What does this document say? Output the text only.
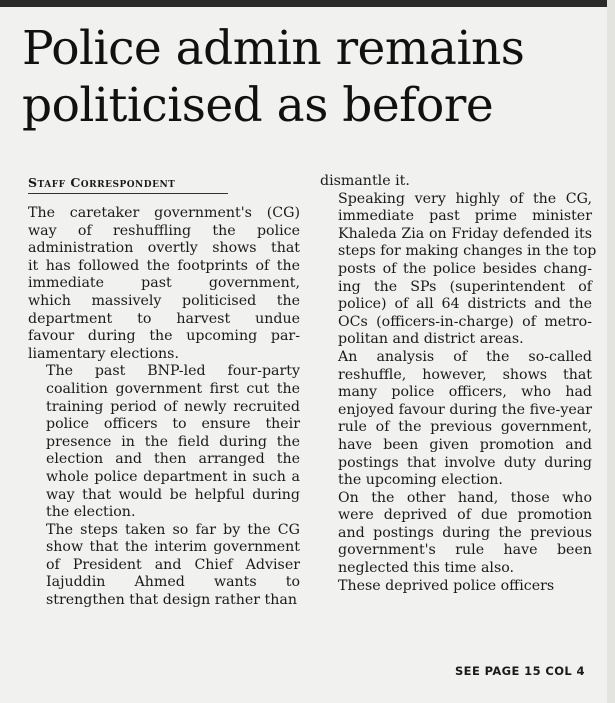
Police admin remains
politicised as before
Staff Correspondent

The caretaker government's (CG)
way of reshuffling the police
administration overtly shows that
it has followed the footprints of the
immediate past government,
which massively politicised the
department to harvest undue
favour during the upcoming par-
liamentary elections.

The past BNP-led four-party
coalition government first cut the
training period of newly recruited
police officers to ensure their
presence in the field during the
election and then arranged the
whole police department in such a
way that would be helpful during
the election.

The steps taken so far by the CG
show that the interim government
of President and Chief Adviser
Iajuddin Ahmed wants to
strengthen that design rather than

dismantle it.

Speaking very highly of the CG,
immediate past prime minister
Khaleda Zia on Friday defended its
steps for making changes in the top
posts of the police besides chang-
ing the SPs (superintendent of
police) of all 64 districts and the
OCs (officers-in-charge) of metro-
politan and district areas.

An analysis of the so-called
reshuffle, however, shows that
many police officers, who had
enjoyed favour during the five-year
rule of the previous government,
have been given promotion and
postings that involve duty during
the upcoming election.

On the other hand, those who
were deprived of due promotion
and postings during the previous
government's rule have been
neglected this time also.

These deprived police officers

SEE PAGE 15 COL 4
